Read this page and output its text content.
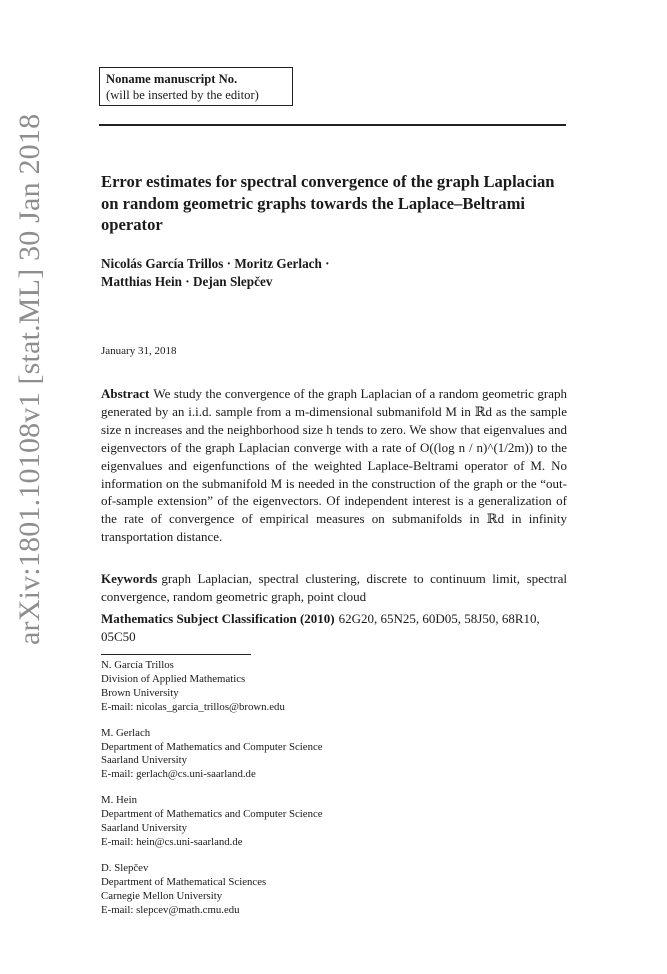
arXiv:1801.10108v1 [stat.ML] 30 Jan 2018
Noname manuscript No.
(will be inserted by the editor)
Error estimates for spectral convergence of the graph Laplacian on random geometric graphs towards the Laplace–Beltrami operator
Nicolás García Trillos · Moritz Gerlach ·
Matthias Hein · Dejan Slepčev
January 31, 2018
Abstract We study the convergence of the graph Laplacian of a random geometric graph generated by an i.i.d. sample from a m-dimensional submanifold M in ℝd as the sample size n increases and the neighborhood size h tends to zero. We show that eigenvalues and eigenvectors of the graph Laplacian converge with a rate of O((log n / n)^(1/2m)) to the eigenvalues and eigenfunctions of the weighted Laplace-Beltrami operator of M. No information on the submanifold M is needed in the construction of the graph or the “out-of-sample extension” of the eigenvectors. Of independent interest is a generalization of the rate of convergence of empirical measures on submanifolds in ℝd in infinity transportation distance.
Keywords graph Laplacian, spectral clustering, discrete to continuum limit, spectral convergence, random geometric graph, point cloud
Mathematics Subject Classification (2010) 62G20, 65N25, 60D05, 58J50, 68R10, 05C50
N. García Trillos
Division of Applied Mathematics
Brown University
E-mail: nicolas_garcia_trillos@brown.edu
M. Gerlach
Department of Mathematics and Computer Science
Saarland University
E-mail: gerlach@cs.uni-saarland.de
M. Hein
Department of Mathematics and Computer Science
Saarland University
E-mail: hein@cs.uni-saarland.de
D. Slepčev
Department of Mathematical Sciences
Carnegie Mellon University
E-mail: slepcev@math.cmu.edu
